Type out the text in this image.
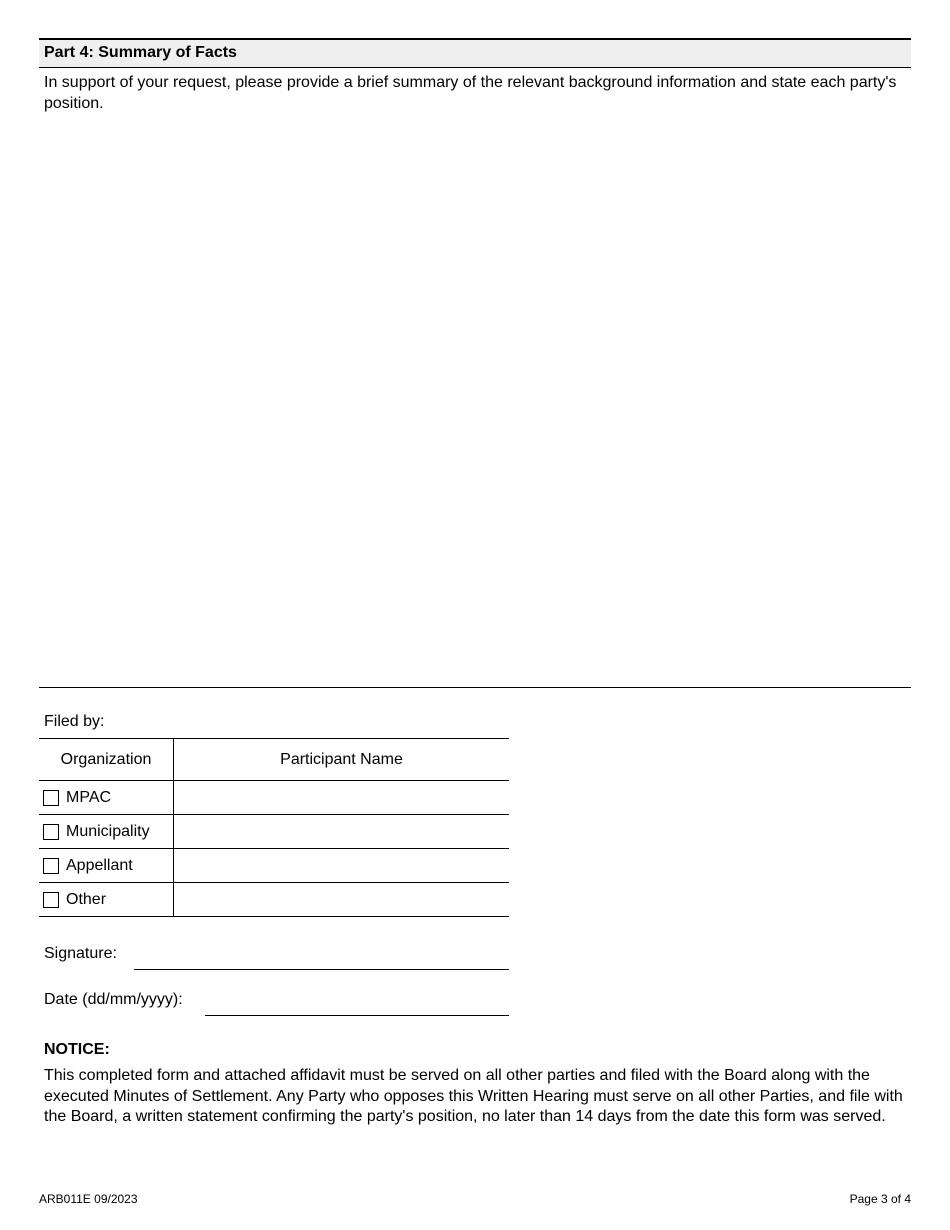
Part 4: Summary of Facts
In support of your request, please provide a brief summary of the relevant background information and state each party's position.
Filed by:
Organization	Participant Name

MPAC	

Municipality	

Appellant	

Other	

Signature:
Date (dd/mm/yyyy):
NOTICE:
This completed form and attached affidavit must be served on all other parties and filed with the Board along with the executed Minutes of Settlement. Any Party who opposes this Written Hearing must serve on all other Parties, and file with the Board, a written statement confirming the party's position, no later than 14 days from the date this form was served.
ARB011E 09/2023	Page 3 of 4
